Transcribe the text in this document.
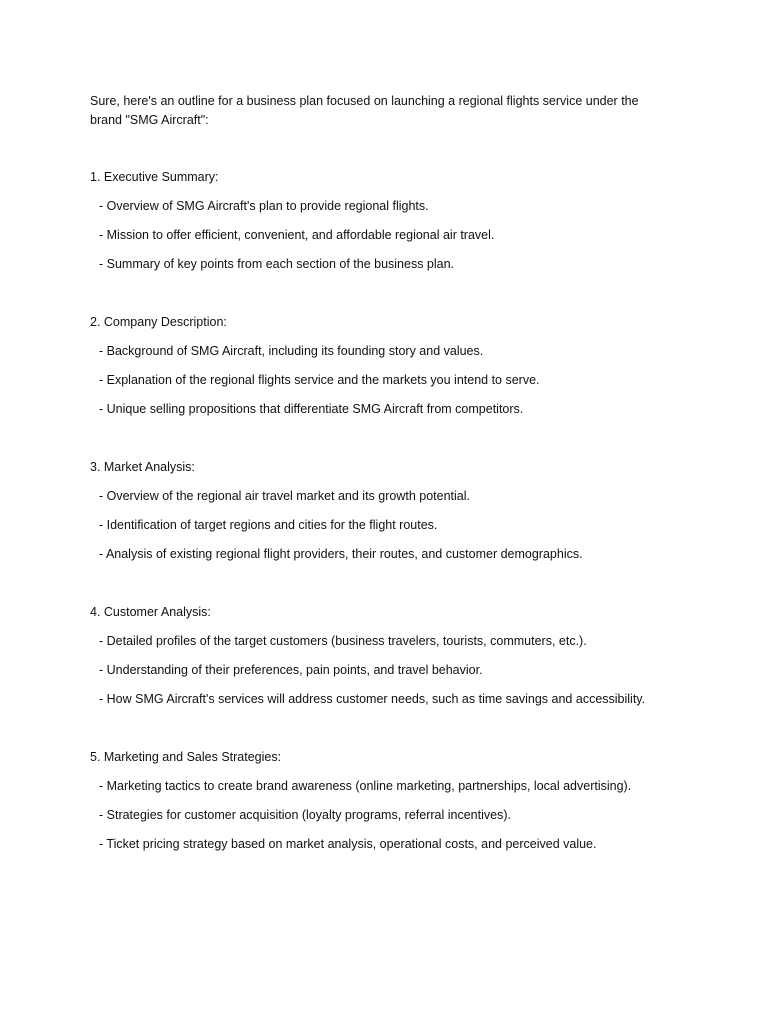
Sure, here's an outline for a business plan focused on launching a regional flights service under the brand "SMG Aircraft":

1. Executive Summary:
- Overview of SMG Aircraft's plan to provide regional flights.
- Mission to offer efficient, convenient, and affordable regional air travel.
- Summary of key points from each section of the business plan.
2. Company Description:
- Background of SMG Aircraft, including its founding story and values.
- Explanation of the regional flights service and the markets you intend to serve.
- Unique selling propositions that differentiate SMG Aircraft from competitors.
3. Market Analysis:
- Overview of the regional air travel market and its growth potential.
- Identification of target regions and cities for the flight routes.
- Analysis of existing regional flight providers, their routes, and customer demographics.
4. Customer Analysis:
- Detailed profiles of the target customers (business travelers, tourists, commuters, etc.).
- Understanding of their preferences, pain points, and travel behavior.
- How SMG Aircraft's services will address customer needs, such as time savings and accessibility.
5. Marketing and Sales Strategies:
- Marketing tactics to create brand awareness (online marketing, partnerships, local advertising).
- Strategies for customer acquisition (loyalty programs, referral incentives).
- Ticket pricing strategy based on market analysis, operational costs, and perceived value.
